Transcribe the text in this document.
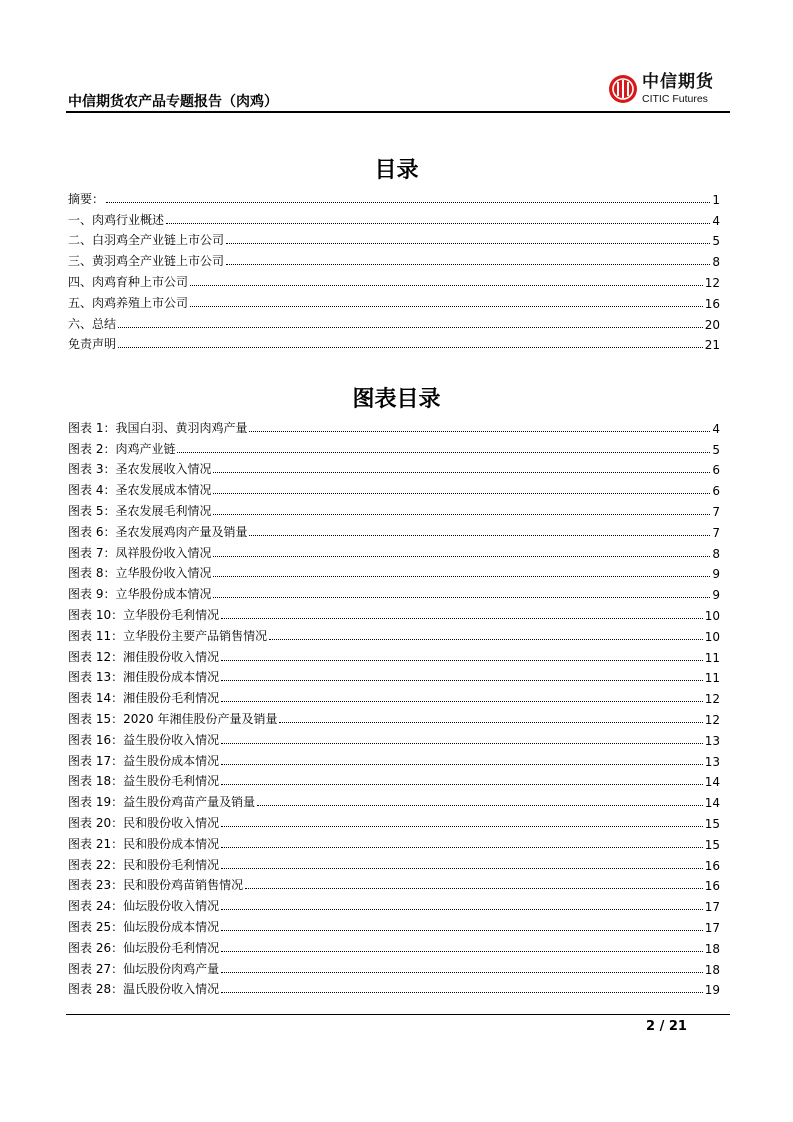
中信期货农产品专题报告（肉鸡）
中信期货
CITIC Futures
目录
摘要：	1
一、肉鸡行业概述	4
二、白羽鸡全产业链上市公司	5
三、黄羽鸡全产业链上市公司	8
四、肉鸡育种上市公司	12
五、肉鸡养殖上市公司	16
六、总结	20
免责声明	21
图表目录
图表 1：我国白羽、黄羽肉鸡产量	4
图表 2：肉鸡产业链	5
图表 3：圣农发展收入情况	6
图表 4：圣农发展成本情况	6
图表 5：圣农发展毛利情况	7
图表 6：圣农发展鸡肉产量及销量	7
图表 7：凤祥股份收入情况	8
图表 8：立华股份收入情况	9
图表 9：立华股份成本情况	9
图表 10：立华股份毛利情况	10
图表 11：立华股份主要产品销售情况	10
图表 12：湘佳股份收入情况	11
图表 13：湘佳股份成本情况	11
图表 14：湘佳股份毛利情况	12
图表 15：2020 年湘佳股份产量及销量	12
图表 16：益生股份收入情况	13
图表 17：益生股份成本情况	13
图表 18：益生股份毛利情况	14
图表 19：益生股份鸡苗产量及销量	14
图表 20：民和股份收入情况	15
图表 21：民和股份成本情况	15
图表 22：民和股份毛利情况	16
图表 23：民和股份鸡苗销售情况	16
图表 24：仙坛股份收入情况	17
图表 25：仙坛股份成本情况	17
图表 26：仙坛股份毛利情况	18
图表 27：仙坛股份肉鸡产量	18
图表 28：温氏股份收入情况	19
2 / 21
